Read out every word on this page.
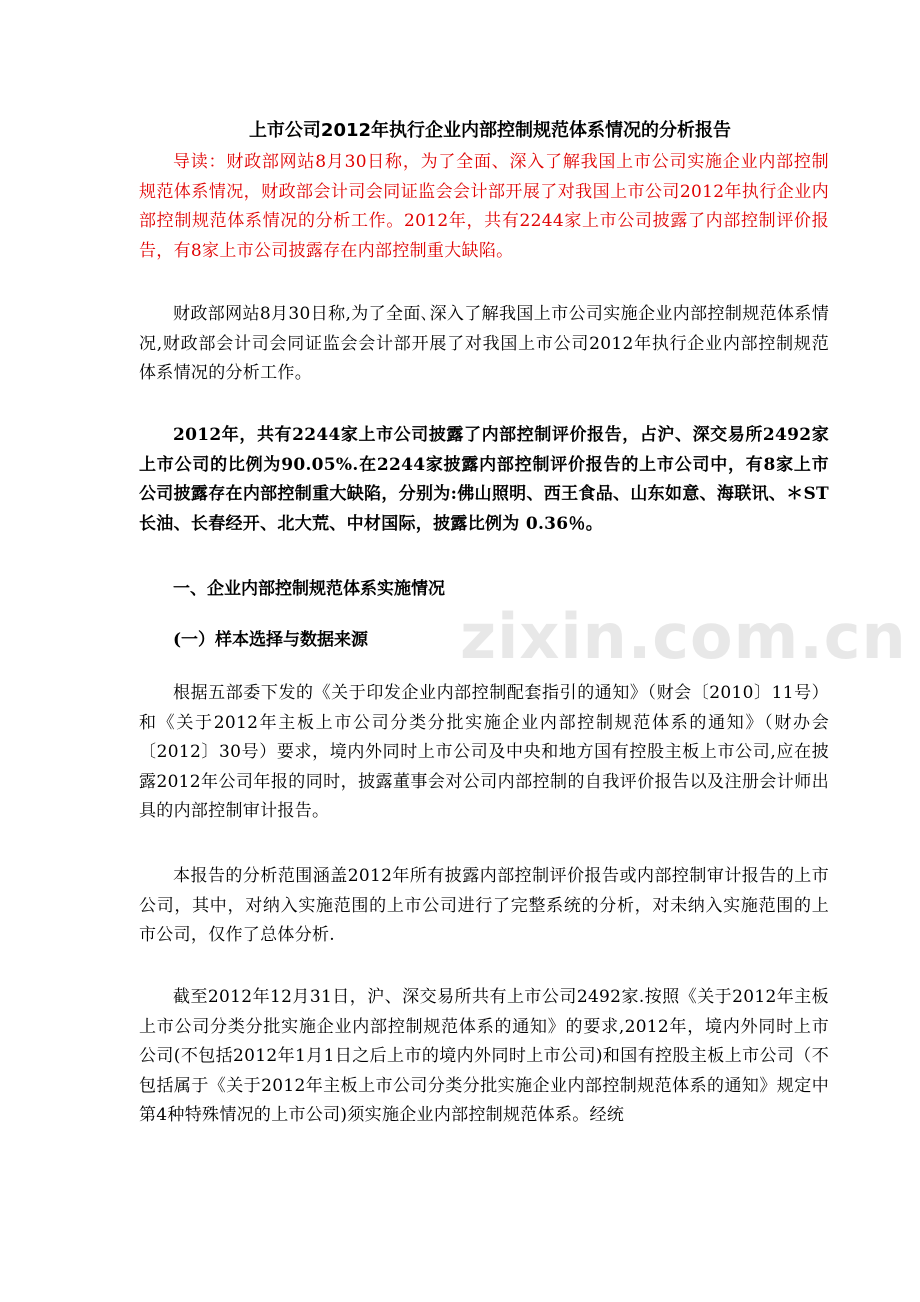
上市公司2012年执行企业内部控制规范体系情况的分析报告
导读：财政部网站8月30日称，为了全面、深入了解我国上市公司实施企业内部控制规范体系情况，财政部会计司会同证监会会计部开展了对我国上市公司2012年执行企业内部控制规范体系情况的分析工作。2012年，共有2244家上市公司披露了内部控制评价报告，有8家上市公司披露存在内部控制重大缺陷。
财政部网站8月30日称,为了全面､深入了解我国上市公司实施企业内部控制规范体系情况,财政部会计司会同证监会会计部开展了对我国上市公司2012年执行企业内部控制规范体系情况的分析工作。
2012年，共有2244家上市公司披露了内部控制评价报告，占沪、深交易所2492家上市公司的比例为90.05%.在2244家披露内部控制评价报告的上市公司中，有8家上市公司披露存在内部控制重大缺陷，分别为:佛山照明、西王食品、山东如意、海联讯、＊ST长油、长春经开、北大荒、中材国际，披露比例为 0.36％。
一、企业内部控制规范体系实施情况
(一）样本选择与数据来源
根据五部委下发的《关于印发企业内部控制配套指引的通知》（财会〔2010〕11号）和《关于2012年主板上市公司分类分批实施企业内部控制规范体系的通知》（财办会〔2012〕30号）要求，境内外同时上市公司及中央和地方国有控股主板上市公司,应在披露2012年公司年报的同时，披露董事会对公司内部控制的自我评价报告以及注册会计师出具的内部控制审计报告。
本报告的分析范围涵盖2012年所有披露内部控制评价报告或内部控制审计报告的上市公司，其中，对纳入实施范围的上市公司进行了完整系统的分析，对未纳入实施范围的上市公司，仅作了总体分析.
截至2012年12月31日，沪、深交易所共有上市公司2492家.按照《关于2012年主板上市公司分类分批实施企业内部控制规范体系的通知》的要求,2012年，境内外同时上市公司(不包括2012年1月1日之后上市的境内外同时上市公司)和国有控股主板上市公司（不包括属于《关于2012年主板上市公司分类分批实施企业内部控制规范体系的通知》规定中第4种特殊情况的上市公司)须实施企业内部控制规范体系。经统
zixin.com.cn
